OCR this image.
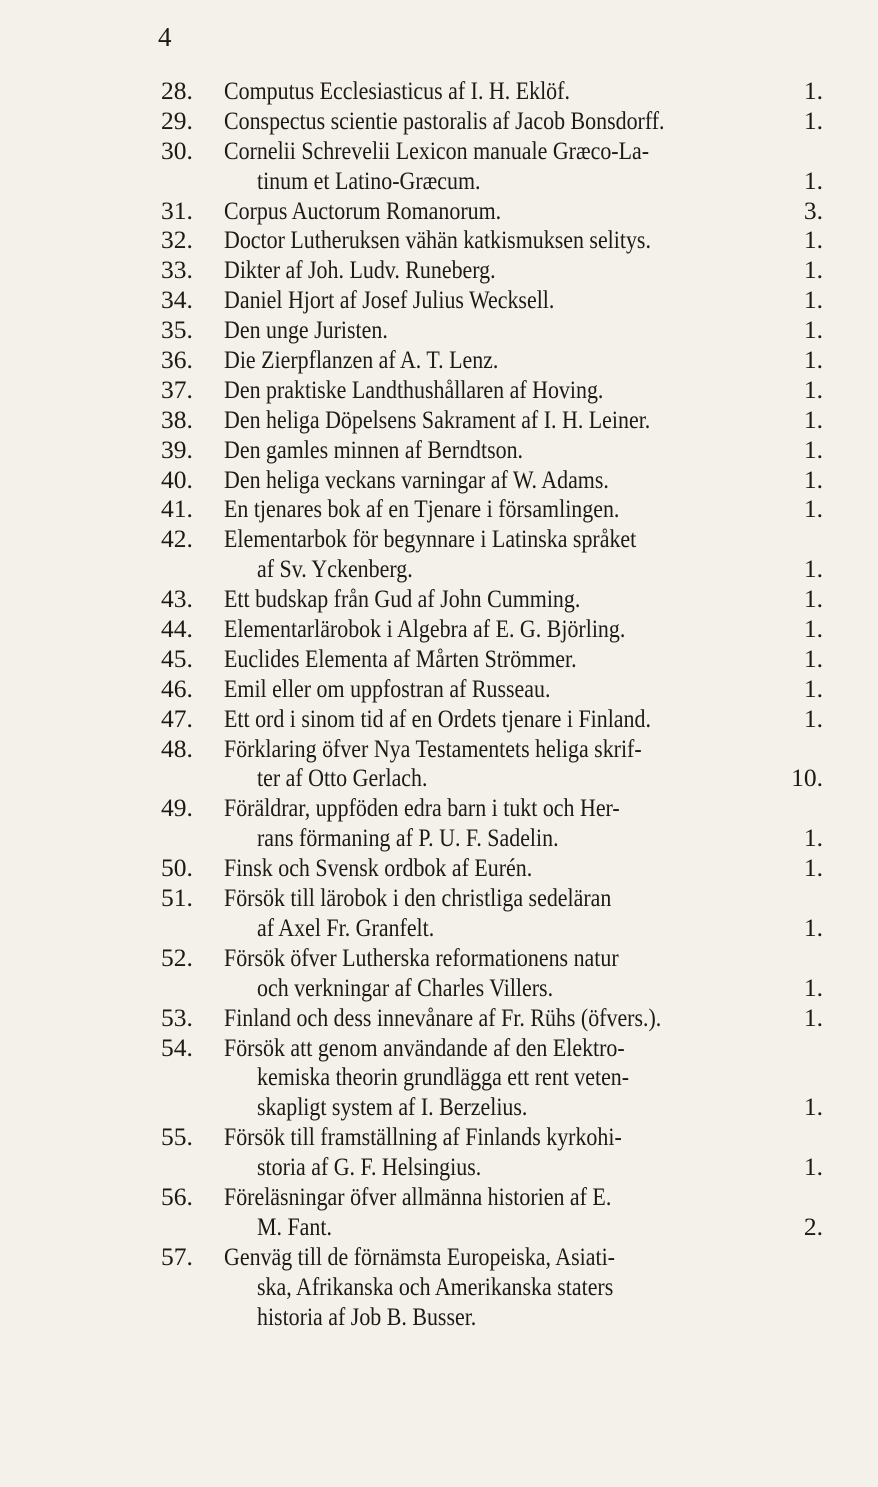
4
28.	Computus Ecclesiasticus af I. H. Eklöf.	1.
29.	Conspectus scientie pastoralis af Jacob Bonsdorff.	1.
30.	Cornelii Schrevelii Lexicon manuale Græco-La-
tinum et Latino-Græcum.	1.
31.	Corpus Auctorum Romanorum.	3.
32.	Doctor Lutheruksen vähän katkismuksen selitys.	1.
33.	Dikter af Joh. Ludv. Runeberg.	1.
34.	Daniel Hjort af Josef Julius Wecksell.	1.
35.	Den unge Juristen.	1.
36.	Die Zierpflanzen af A. T. Lenz.	1.
37.	Den praktiske Landthushållaren af Hoving.	1.
38.	Den heliga Döpelsens Sakrament af I. H. Leiner.	1.
39.	Den gamles minnen af Berndtson.	1.
40.	Den heliga veckans varningar af W. Adams.	1.
41.	En tjenares bok af en Tjenare i församlingen.	1.
42.	Elementarbok för begynnare i Latinska språket
af Sv. Yckenberg.	1.
43.	Ett budskap från Gud af John Cumming.	1.
44.	Elementarlärobok i Algebra af E. G. Björling.	1.
45.	Euclides Elementa af Mårten Strömmer.	1.
46.	Emil eller om uppfostran af Russeau.	1.
47.	Ett ord i sinom tid af en Ordets tjenare i Finland.	1.
48.	Förklaring öfver Nya Testamentets heliga skrif-
ter af Otto Gerlach.	10.
49.	Föräldrar, uppföden edra barn i tukt och Her-
rans förmaning af P. U. F. Sadelin.	1.
50.	Finsk och Svensk ordbok af Eurén.	1.
51.	Försök till lärobok i den christliga sedeläran
af Axel Fr. Granfelt.	1.
52.	Försök öfver Lutherska reformationens natur
och verkningar af Charles Villers.	1.
53.	Finland och dess innevånare af Fr. Rühs (öfvers.).	1.
54.	Försök att genom användande af den Elektro-
kemiska theorin grundlägga ett rent veten-
skapligt system af I. Berzelius.	1.
55.	Försök till framställning af Finlands kyrkohi-
storia af G. F. Helsingius.	1.
56.	Föreläsningar öfver allmänna historien af E.
M. Fant.	2.
57.	Genväg till de förnämsta Europeiska, Asiati-
ska, Afrikanska och Amerikanska staters
historia af Job B. Busser.
